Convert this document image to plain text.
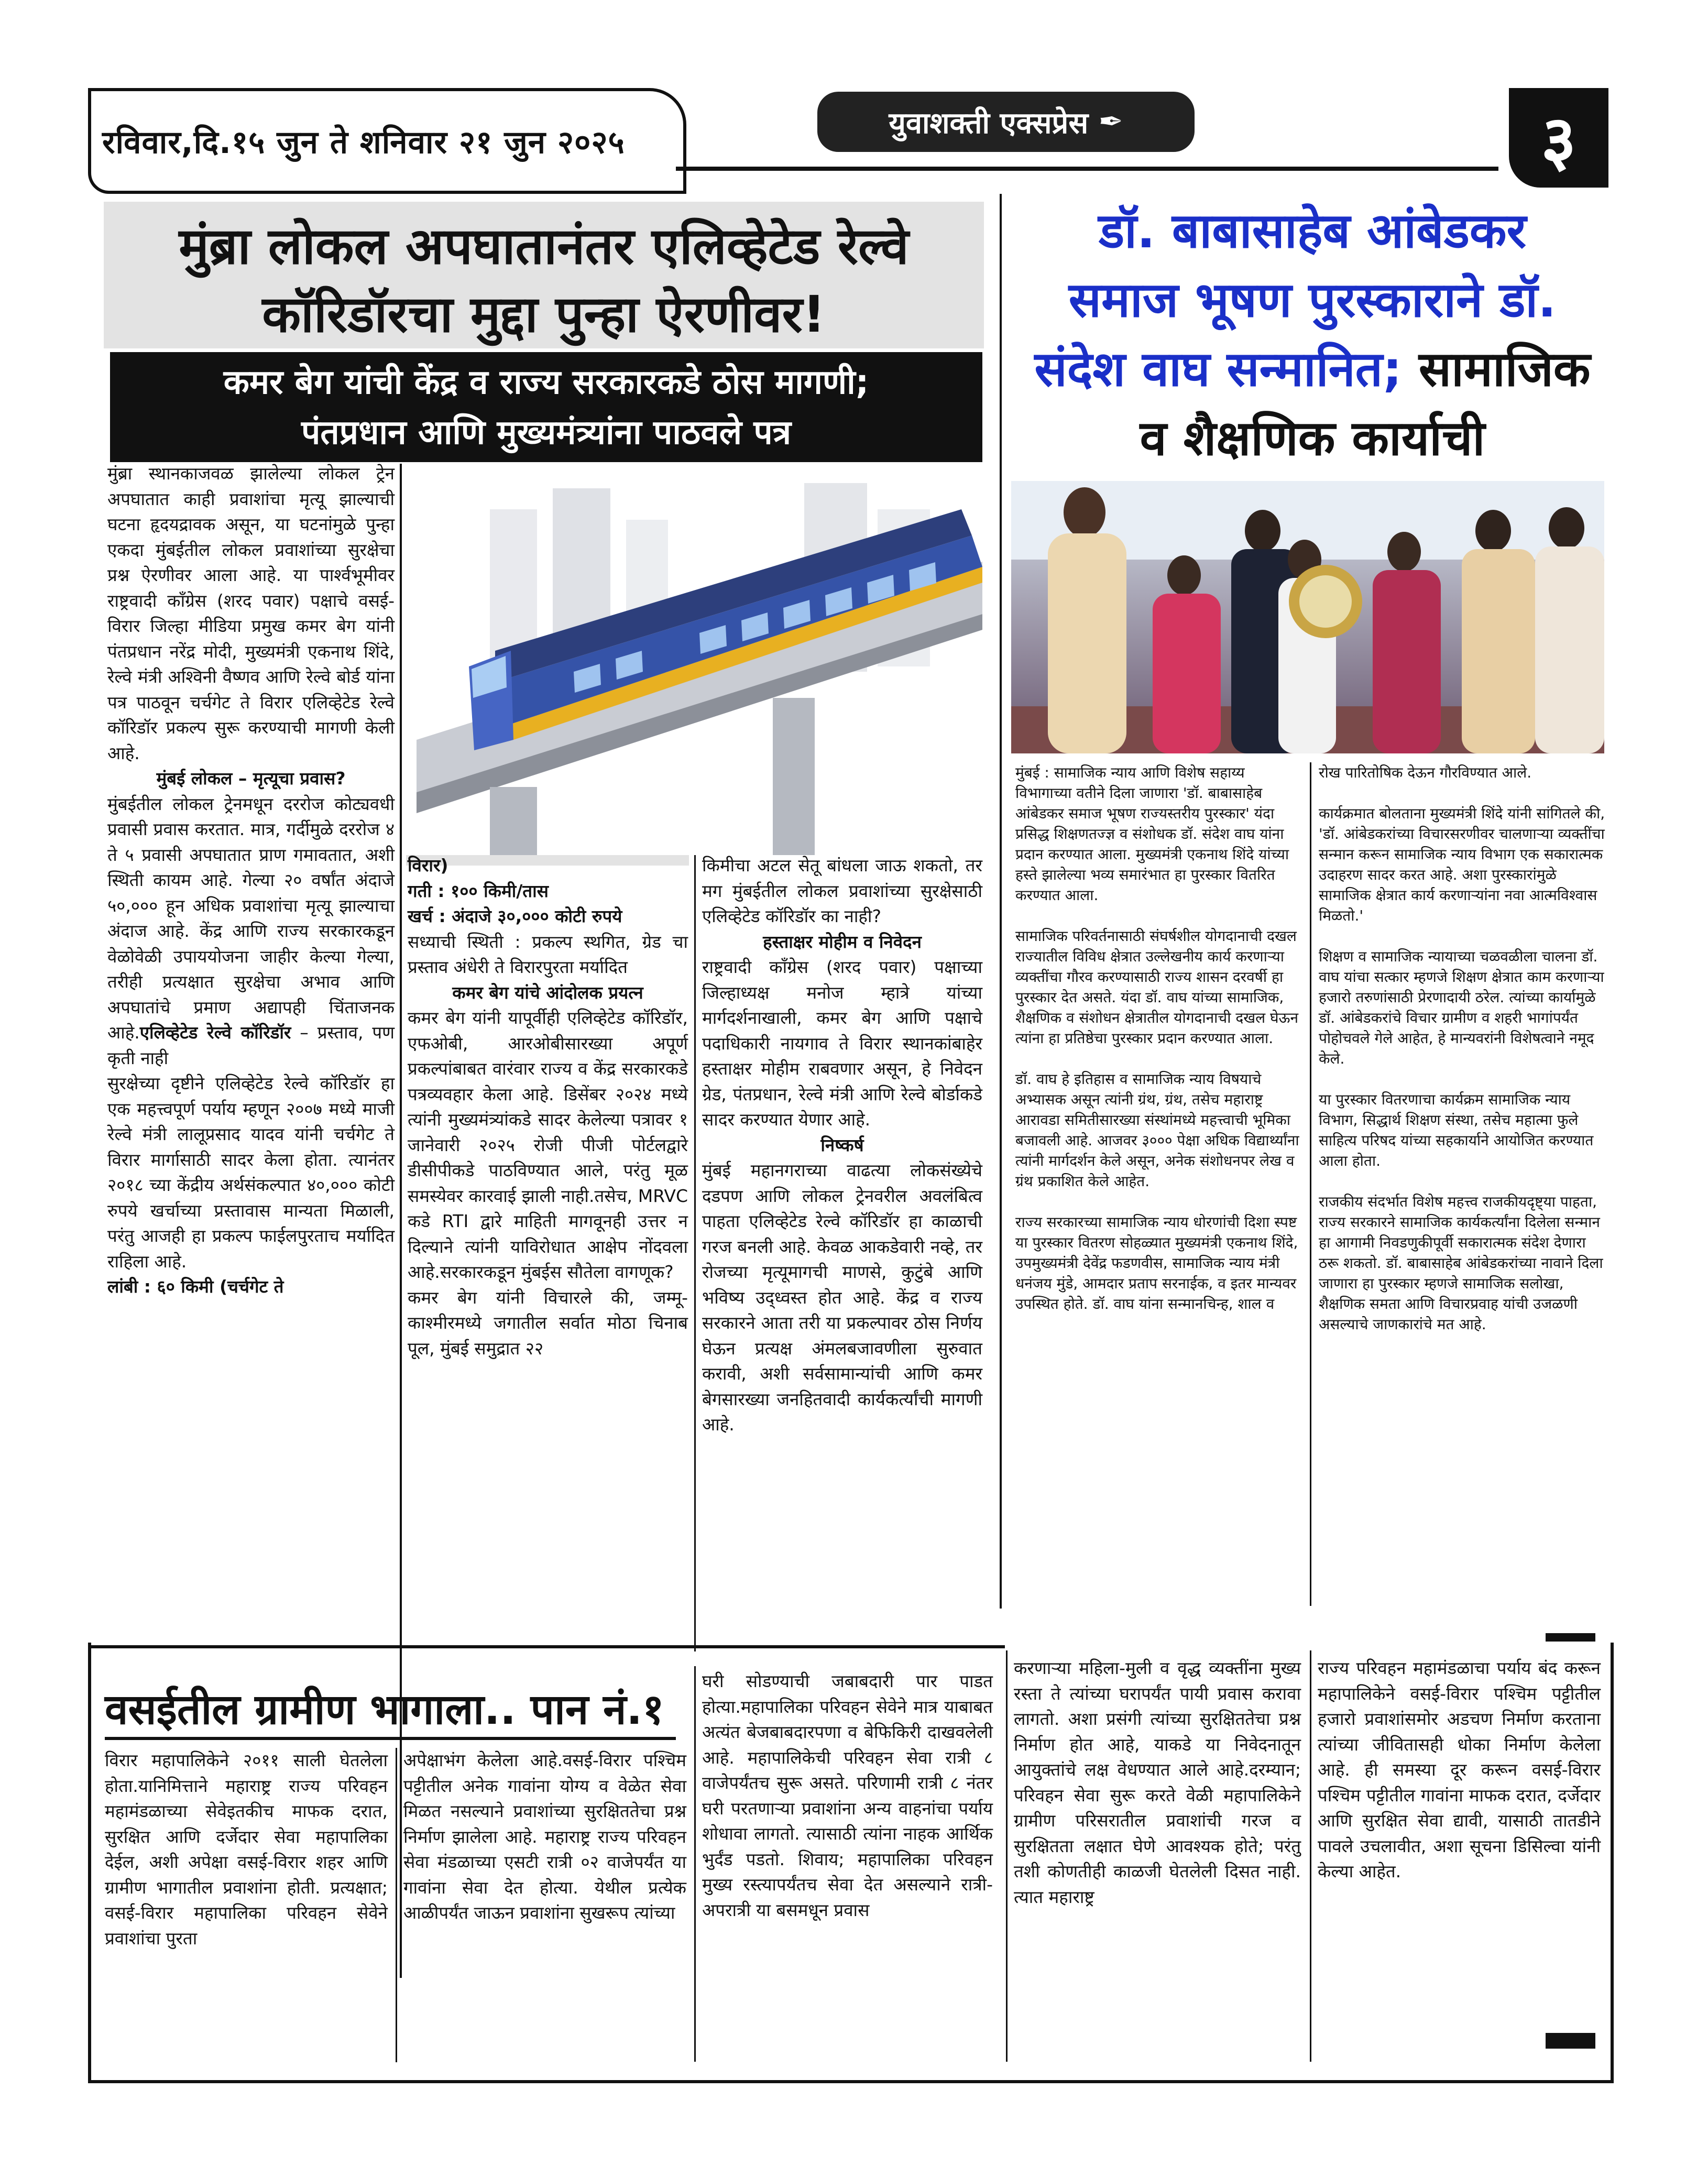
रविवार,दि.१५ जुन ते शनिवार २१ जुन २०२५
युवाशक्ती एक्सप्रेस
✒	३
मुंब्रा लोकल अपघातानंतर एलिव्हेटेड रेल्वे
कॉरिडॉरचा मुद्दा पुन्हा ऐरणीवर!
कमर बेग यांची केंद्र व राज्य सरकारकडे ठोस मागणी;
पंतप्रधान आणि मुख्यमंत्र्यांना पाठवले पत्र

मुंब्रा स्थानकाजवळ झालेल्या लोकल ट्रेन अपघातात काही प्रवाशांचा मृत्यू झाल्याची घटना हृदयद्रावक असून, या घटनांमुळे पुन्हा एकदा मुंबईतील लोकल प्रवाशांच्या सुरक्षेचा प्रश्न ऐरणीवर आला आहे. या पार्श्वभूमीवर राष्ट्रवादी कॉंग्रेस (शरद पवार) पक्षाचे वसई-विरार जिल्हा मीडिया प्रमुख कमर बेग यांनी पंतप्रधान नरेंद्र मोदी, मुख्यमंत्री एकनाथ शिंदे, रेल्वे मंत्री अश्विनी वैष्णव आणि रेल्वे बोर्ड यांना पत्र पाठवून चर्चगेट ते विरार एलिव्हेटेड रेल्वे कॉरिडॉर प्रकल्प सुरू करण्याची मागणी केली आहे.

मुंबई लोकल – मृत्यूचा प्रवास?

मुंबईतील लोकल ट्रेनमधून दररोज कोट्यवधी प्रवासी प्रवास करतात. मात्र, गर्दीमुळे दररोज ४ ते ५ प्रवासी अपघातात प्राण गमावतात, अशी स्थिती कायम आहे. गेल्या २० वर्षांत अंदाजे ५०,००० हून अधिक प्रवाशांचा मृत्यू झाल्याचा अंदाज आहे. केंद्र आणि राज्य सरकारकडून वेळोवेळी उपाययोजना जाहीर केल्या गेल्या, तरीही प्रत्यक्षात सुरक्षेचा अभाव आणि अपघातांचे प्रमाण अद्यापही चिंताजनक आहे.एलिव्हेटेड रेल्वे कॉरिडॉर – प्रस्ताव, पण कृती नाही

सुरक्षेच्या दृष्टीने एलिव्हेटेड रेल्वे कॉरिडॉर हा एक महत्त्वपूर्ण पर्याय म्हणून २००७ मध्ये माजी रेल्वे मंत्री लालूप्रसाद यादव यांनी चर्चगेट ते विरार मार्गासाठी सादर केला होता. त्यानंतर २०१८ च्या केंद्रीय अर्थसंकल्पात ४०,००० कोटी रुपये खर्चाच्या प्रस्तावास मान्यता मिळाली, परंतु आजही हा प्रकल्प फाईलपुरताच मर्यादित राहिला आहे.

लांबी : ६० किमी (चर्चगेट ते

विरार)

गती : १०० किमी/तास

खर्च : अंदाजे ३०,००० कोटी रुपये

सध्याची स्थिती : प्रकल्प स्थगित, ग्रेड चा प्रस्ताव अंधेरी ते विरारपुरता मर्यादित

कमर बेग यांचे आंदोलक प्रयत्न

कमर बेग यांनी यापूर्वीही एलिव्हेटेड कॉरिडॉर, एफओबी, आरओबीसारख्या अपूर्ण प्रकल्पांबाबत वारंवार राज्य व केंद्र सरकारकडे पत्रव्यवहार केला आहे. डिसेंबर २०२४ मध्ये त्यांनी मुख्यमंत्र्यांकडे सादर केलेल्या पत्रावर १ जानेवारी २०२५ रोजी पीजी पोर्टलद्वारे डीसीपीकडे पाठविण्यात आले, परंतु मूळ समस्येवर कारवाई झाली नाही.तसेच, MRVC कडे RTI द्वारे माहिती मागवूनही उत्तर न दिल्याने त्यांनी याविरोधात आक्षेप नोंदवला आहे.सरकारकडून मुंबईस सौतेला वागणूक?

कमर बेग यांनी विचारले की, जम्मू-काश्मीरमध्ये जगातील सर्वात मोठा चिनाब पूल, मुंबई समुद्रात २२

किमीचा अटल सेतू बांधला जाऊ शकतो, तर मग मुंबईतील लोकल प्रवाशांच्या सुरक्षेसाठी एलिव्हेटेड कॉरिडॉर का नाही?

हस्ताक्षर मोहीम व निवेदन

राष्ट्रवादी कॉंग्रेस (शरद पवार) पक्षाच्या जिल्हाध्यक्ष मनोज म्हात्रे यांच्या मार्गदर्शनाखाली, कमर बेग आणि पक्षाचे पदाधिकारी नायगाव ते विरार स्थानकांबाहेर हस्ताक्षर मोहीम राबवणार असून, हे निवेदन ग्रेड, पंतप्रधान, रेल्वे मंत्री आणि रेल्वे बोर्डाकडे सादर करण्यात येणार आहे.

निष्कर्ष

मुंबई महानगराच्या वाढत्या लोकसंख्येचे दडपण आणि लोकल ट्रेनवरील अवलंबित्व पाहता एलिव्हेटेड रेल्वे कॉरिडॉर हा काळाची गरज बनली आहे. केवळ आकडेवारी नव्हे, तर रोजच्या मृत्यूमागची माणसे, कुटुंबे आणि भविष्य उद्ध्वस्त होत आहे. केंद्र व राज्य सरकारने आता तरी या प्रकल्पावर ठोस निर्णय घेऊन प्रत्यक्ष अंमलबजावणीला सुरुवात करावी, अशी सर्वसामान्यांची आणि कमर बेगसारख्या जनहितवादी कार्यकर्त्यांची मागणी आहे.

डॉ. बाबासाहेब आंबेडकर
समाज भूषण पुरस्काराने डॉ.
संदेश वाघ सन्मानित; सामाजिक
व शैक्षणिक कार्याची

मुंबई : सामाजिक न्याय आणि विशेष सहाय्य विभागाच्या वतीने दिला जाणारा 'डॉ. बाबासाहेब आंबेडकर समाज भूषण राज्यस्तरीय पुरस्कार' यंदा प्रसिद्ध शिक्षणतज्ज्ञ व संशोधक डॉ. संदेश वाघ यांना प्रदान करण्यात आला. मुख्यमंत्री एकनाथ शिंदे यांच्या हस्ते झालेल्या भव्य समारंभात हा पुरस्कार वितरित करण्यात आला.

सामाजिक परिवर्तनासाठी संघर्षशील योगदानाची दखल राज्यातील विविध क्षेत्रात उल्लेखनीय कार्य करणाऱ्या व्यक्तींचा गौरव करण्यासाठी राज्य शासन दरवर्षी हा पुरस्कार देत असते. यंदा डॉ. वाघ यांच्या सामाजिक, शैक्षणिक व संशोधन क्षेत्रातील योगदानाची दखल घेऊन त्यांना हा प्रतिष्ठेचा पुरस्कार प्रदान करण्यात आला.

डॉ. वाघ हे इतिहास व सामाजिक न्याय विषयाचे अभ्यासक असून त्यांनी ग्रंथ, ग्रंथ, तसेच महाराष्ट्र आरावडा समितीसारख्या संस्थांमध्ये महत्त्वाची भूमिका बजावली आहे. आजवर ३००० पेक्षा अधिक विद्यार्थ्यांना त्यांनी मार्गदर्शन केले असून, अनेक संशोधनपर लेख व ग्रंथ प्रकाशित केले आहेत.

राज्य सरकारच्या सामाजिक न्याय धोरणांची दिशा स्पष्ट या पुरस्कार वितरण सोहळ्यात मुख्यमंत्री एकनाथ शिंदे, उपमुख्यमंत्री देवेंद्र फडणवीस, सामाजिक न्याय मंत्री धनंजय मुंडे, आमदार प्रताप सरनाईक, व इतर मान्यवर उपस्थित होते. डॉ. वाघ यांना सन्मानचिन्ह, शाल व

रोख पारितोषिक देऊन गौरविण्यात आले.

कार्यक्रमात बोलताना मुख्यमंत्री शिंदे यांनी सांगितले की, 'डॉ. आंबेडकरांच्या विचारसरणीवर चालणाऱ्या व्यक्तींचा सन्मान करून सामाजिक न्याय विभाग एक सकारात्मक उदाहरण सादर करत आहे. अशा पुरस्कारांमुळे सामाजिक क्षेत्रात कार्य करणाऱ्यांना नवा आत्मविश्वास मिळतो.'

शिक्षण व सामाजिक न्यायाच्या चळवळीला चालना डॉ. वाघ यांचा सत्कार म्हणजे शिक्षण क्षेत्रात काम करणाऱ्या हजारो तरुणांसाठी प्रेरणादायी ठरेल. त्यांच्या कार्यामुळे डॉ. आंबेडकरांचे विचार ग्रामीण व शहरी भागांपर्यंत पोहोचवले गेले आहेत, हे मान्यवरांनी विशेषत्वाने नमूद केले.

या पुरस्कार वितरणाचा कार्यक्रम सामाजिक न्याय विभाग, सिद्धार्थ शिक्षण संस्था, तसेच महात्मा फुले साहित्य परिषद यांच्या सहकार्याने आयोजित करण्यात आला होता.

राजकीय संदर्भात विशेष महत्त्व राजकीयदृष्ट्या पाहता, राज्य सरकारने सामाजिक कार्यकर्त्यांना दिलेला सन्मान हा आगामी निवडणुकीपूर्वी सकारात्मक संदेश देणारा ठरू शकतो. डॉ. बाबासाहेब आंबेडकरांच्या नावाने दिला जाणारा हा पुरस्कार म्हणजे सामाजिक सलोखा, शैक्षणिक समता आणि विचारप्रवाह यांची उजळणी असल्याचे जाणकारांचे मत आहे.

वसईतील ग्रामीण भागाला.. पान नं.१
विरार महापालिकेने २०११ साली घेतलेला होता.यानिमित्ताने महाराष्ट्र राज्य परिवहन महामंडळाच्या सेवेइतकीच माफक दरात, सुरक्षित आणि दर्जेदार सेवा महापालिका देईल, अशी अपेक्षा वसई-विरार शहर आणि ग्रामीण भागातील प्रवाशांना होती. प्रत्यक्षात; वसई-विरार महापालिका परिवहन सेवेने प्रवाशांचा पुरता
अपेक्षाभंग केलेला आहे.वसई-विरार पश्चिम पट्टीतील अनेक गावांना योग्य व वेळेत सेवा मिळत नसल्याने प्रवाशांच्या सुरक्षिततेचा प्रश्न निर्माण झालेला आहे. महाराष्ट्र राज्य परिवहन सेवा मंडळाच्या एसटी रात्री ०२ वाजेपर्यंत या गावांना सेवा देत होत्या. येथील प्रत्येक आळीपर्यंत जाऊन प्रवाशांना सुखरूप त्यांच्या
घरी सोडण्याची जबाबदारी पार पाडत होत्या.महापालिका परिवहन सेवेने मात्र याबाबत अत्यंत बेजबाबदारपणा व बेफिकिरी दाखवलेली आहे. महापालिकेची परिवहन सेवा रात्री ८ वाजेपर्यंतच सुरू असते. परिणामी रात्री ८ नंतर घरी परतणाऱ्या प्रवाशांना अन्य वाहनांचा पर्याय शोधावा लागतो. त्यासाठी त्यांना नाहक आर्थिक भुर्दंड पडतो. शिवाय; महापालिका परिवहन मुख्य रस्त्यापर्यंतच सेवा देत असल्याने रात्री-अपरात्री या बसमधून प्रवास
करणाऱ्या महिला-मुली व वृद्ध व्यक्तींना मुख्य रस्ता ते त्यांच्या घरापर्यंत पायी प्रवास करावा लागतो. अशा प्रसंगी त्यांच्या सुरक्षिततेचा प्रश्न निर्माण होत आहे, याकडे या निवेदनातून आयुक्तांचे लक्ष वेधण्यात आले आहे.दरम्यान; परिवहन सेवा सुरू करते वेळी महापालिकेने ग्रामीण परिसरातील प्रवाशांची गरज व सुरक्षितता लक्षात घेणे आवश्यक होते; परंतु तशी कोणतीही काळजी घेतलेली दिसत नाही. त्यात महाराष्ट्र
राज्य परिवहन महामंडळाचा पर्याय बंद करून महापालिकेने वसई-विरार पश्चिम पट्टीतील हजारो प्रवाशांसमोर अडचण निर्माण करताना त्यांच्या जीवितासही धोका निर्माण केलेला आहे. ही समस्या दूर करून वसई-विरार पश्चिम पट्टीतील गावांना माफक दरात, दर्जेदार आणि सुरक्षित सेवा द्यावी, यासाठी तातडीने पावले उचलावीत, अशा सूचना डिसिल्वा यांनी केल्या आहेत.
